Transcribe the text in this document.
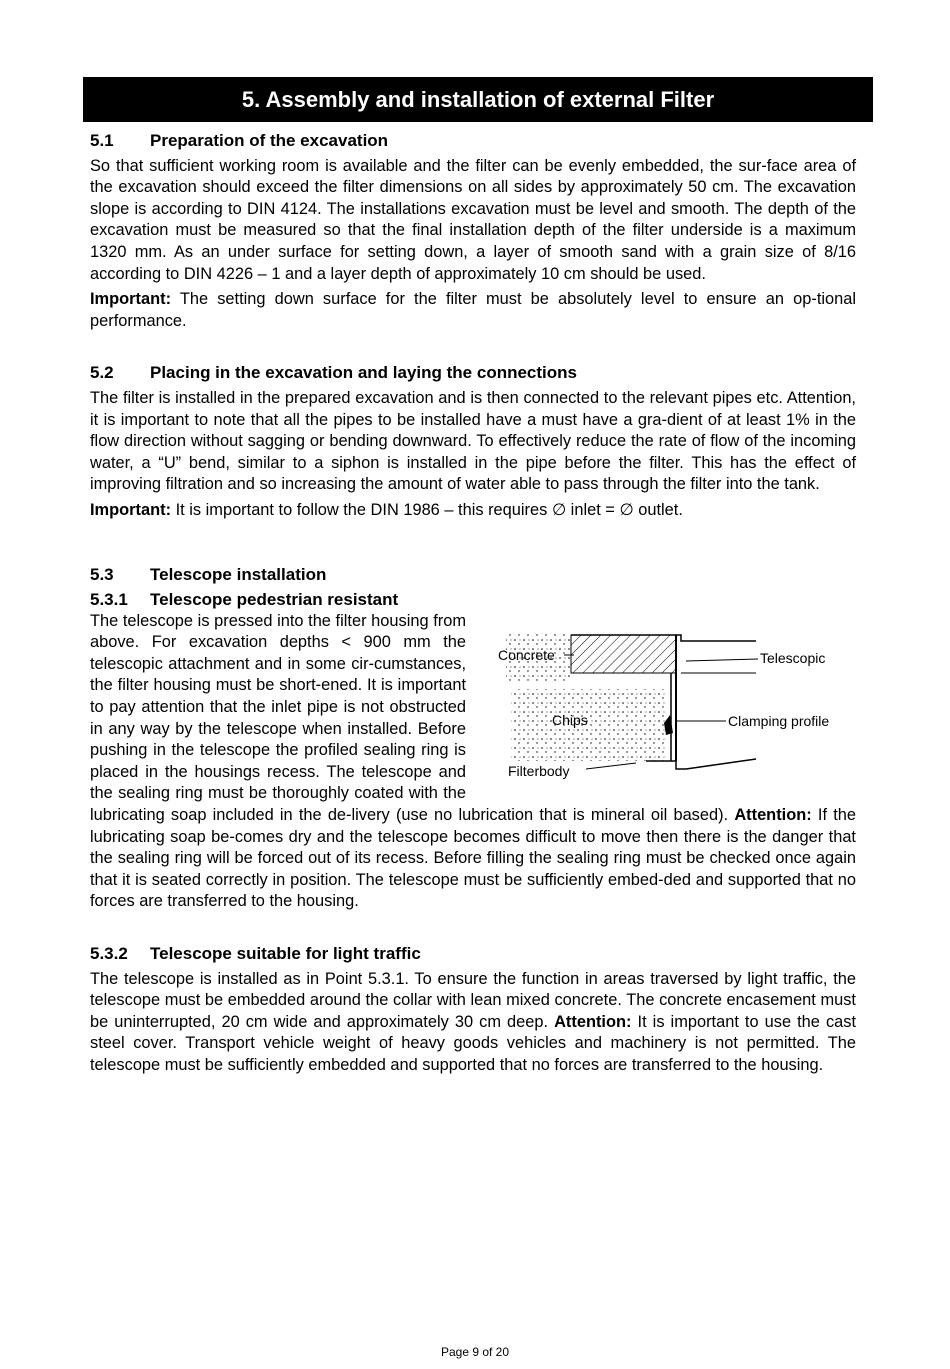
5. Assembly and installation of external Filter
5.1 Preparation of the excavation

So that sufficient working room is available and the filter can be evenly embedded, the sur-face area of the excavation should exceed the filter dimensions on all sides by approximately 50 cm. The excavation slope is according to DIN 4124. The installations excavation must be level and smooth. The depth of the excavation must be measured so that the final installation depth of the filter underside is a maximum 1320 mm. As an under surface for setting down, a layer of smooth sand with a grain size of 8/16 according to DIN 4226 – 1 and a layer depth of approximately 10 cm should be used.

Important: The setting down surface for the filter must be absolutely level to ensure an op-tional performance.

5.2 Placing in the excavation and laying the connections

The filter is installed in the prepared excavation and is then connected to the relevant pipes etc. Attention, it is important to note that all the pipes to be installed have a must have a gra-dient of at least 1% in the flow direction without sagging or bending downward. To effectively reduce the rate of flow of the incoming water, a “U” bend, similar to a siphon is installed in the pipe before the filter. This has the effect of improving filtration and so increasing the amount of water able to pass through the filter into the tank.

Important: It is important to follow the DIN 1986 – this requires ∅ inlet = ∅ outlet.

5.3 Telescope installation
5.3.1 Telescope pedestrian resistant
Concrete
Chips
Filterbody
Telescopic
Clamping profile

The telescope is pressed into the filter housing from above. For excavation depths < 900 mm the telescopic attachment and in some cir-cumstances, the filter housing must be short-ened. It is important to pay attention that the inlet pipe is not obstructed in any way by the telescope when installed. Before pushing in the telescope the profiled sealing ring is placed in the housings recess. The telescope and the sealing ring must be thoroughly coated with the lubricating soap included in the de-livery (use no lubrication that is mineral oil based). Attention: If the lubricating soap be-comes dry and the telescope becomes difficult to move then there is the danger that the sealing ring will be forced out of its recess. Before filling the sealing ring must be checked once again that it is seated correctly in position. The telescope must be sufficiently embed-ded and supported that no forces are transferred to the housing.

5.3.2 Telescope suitable for light traffic

The telescope is installed as in Point 5.3.1. To ensure the function in areas traversed by light traffic, the telescope must be embedded around the collar with lean mixed concrete. The concrete encasement must be uninterrupted, 20 cm wide and approximately 30 cm deep. Attention: It is important to use the cast steel cover. Transport vehicle weight of heavy goods vehicles and machinery is not permitted. The telescope must be sufficiently embedded and supported that no forces are transferred to the housing.

Page 9 of 20
